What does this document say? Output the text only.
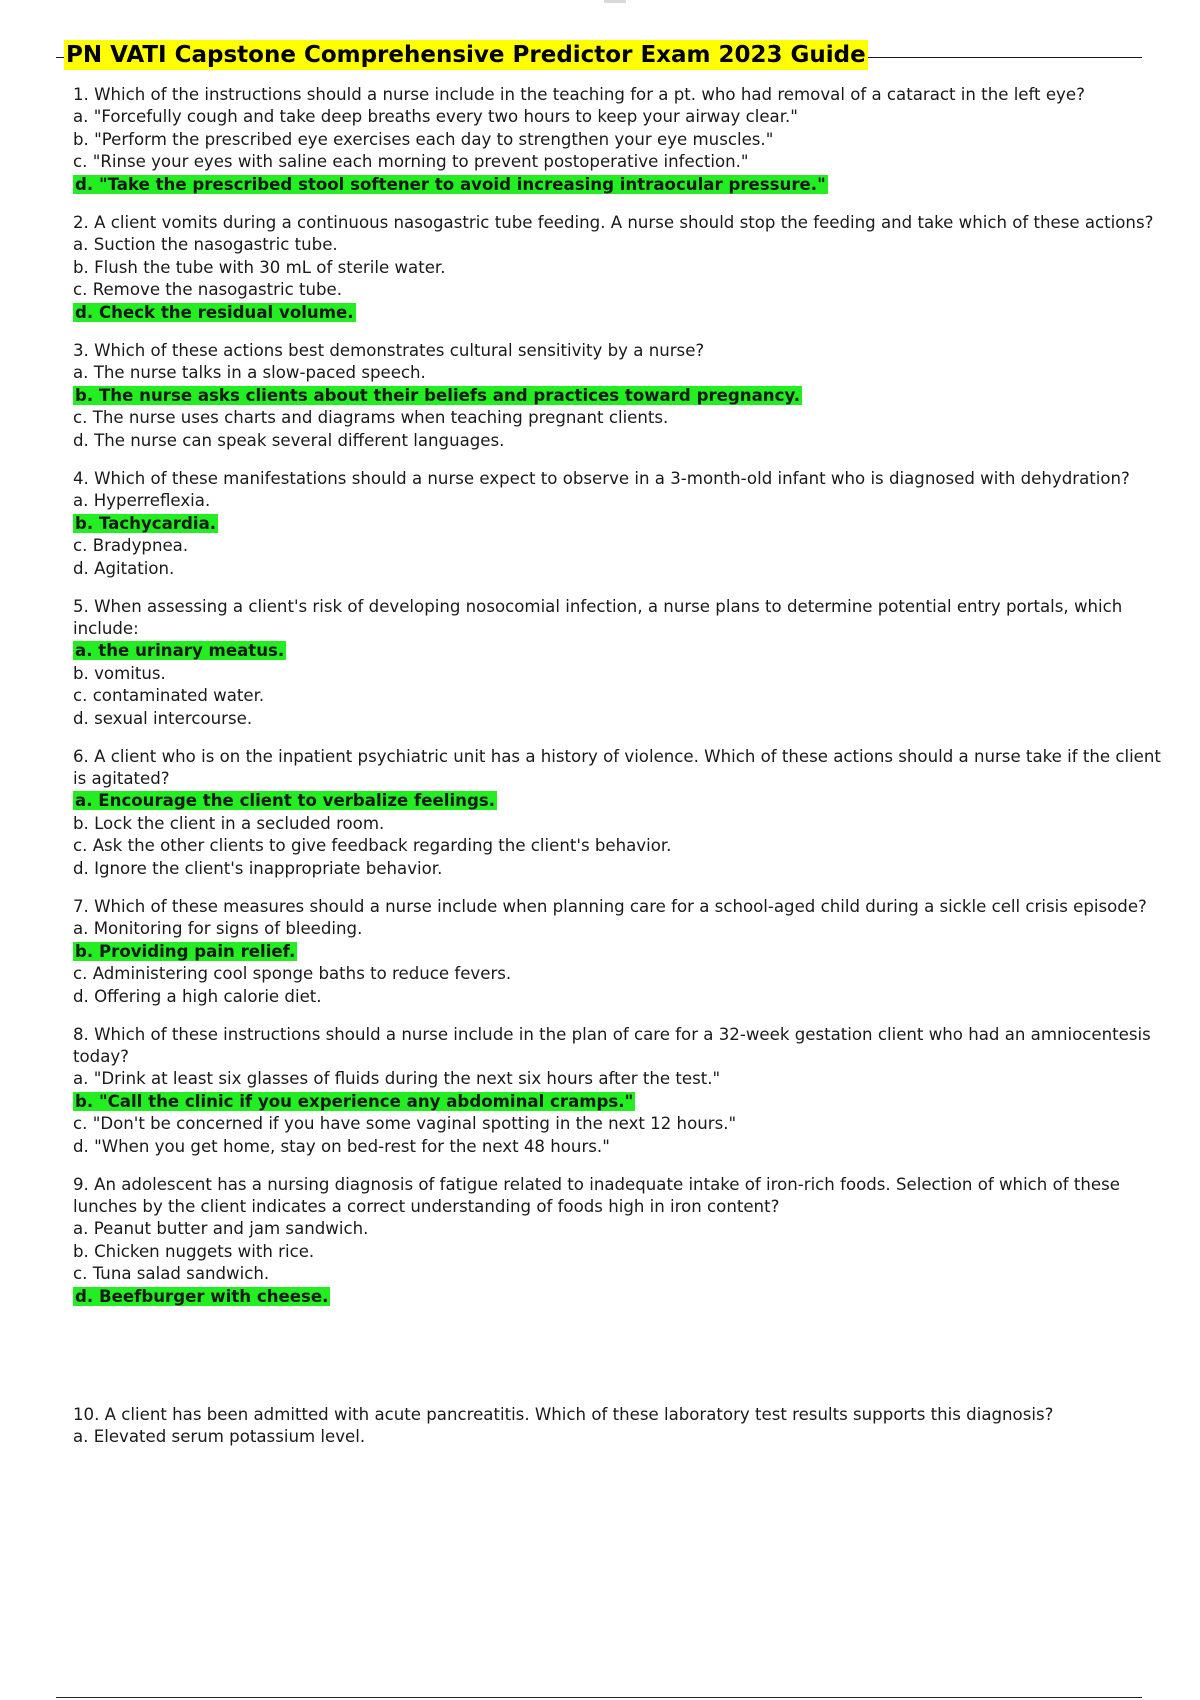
PN VATI Capstone Comprehensive Predictor Exam 2023 Guide
1. Which of the instructions should a nurse include in the teaching for a pt. who had removal of a cataract in the left eye?
a. "Forcefully cough and take deep breaths every two hours to keep your airway clear."
b. "Perform the prescribed eye exercises each day to strengthen your eye muscles."
c. "Rinse your eyes with saline each morning to prevent postoperative infection."
d. "Take the prescribed stool softener to avoid increasing intraocular pressure."
2. A client vomits during a continuous nasogastric tube feeding. A nurse should stop the feeding and take which of these actions?
a. Suction the nasogastric tube.
b. Flush the tube with 30 mL of sterile water.
c. Remove the nasogastric tube.
d. Check the residual volume.
3. Which of these actions best demonstrates cultural sensitivity by a nurse?
a. The nurse talks in a slow-paced speech.
b. The nurse asks clients about their beliefs and practices toward pregnancy.
c. The nurse uses charts and diagrams when teaching pregnant clients.
d. The nurse can speak several different languages.
4. Which of these manifestations should a nurse expect to observe in a 3-month-old infant who is diagnosed with dehydration?
a. Hyperreflexia.
b. Tachycardia.
c. Bradypnea.
d. Agitation.
5. When assessing a client's risk of developing nosocomial infection, a nurse plans to determine potential entry portals, which include:
a. the urinary meatus.
b. vomitus.
c. contaminated water.
d. sexual intercourse.
6. A client who is on the inpatient psychiatric unit has a history of violence. Which of these actions should a nurse take if the client is agitated?
a. Encourage the client to verbalize feelings.
b. Lock the client in a secluded room.
c. Ask the other clients to give feedback regarding the client's behavior.
d. Ignore the client's inappropriate behavior.
7. Which of these measures should a nurse include when planning care for a school-aged child during a sickle cell crisis episode?
a. Monitoring for signs of bleeding.
b. Providing pain relief.
c. Administering cool sponge baths to reduce fevers.
d. Offering a high calorie diet.
8. Which of these instructions should a nurse include in the plan of care for a 32-week gestation client who had an amniocentesis today?
a. "Drink at least six glasses of fluids during the next six hours after the test."
b. "Call the clinic if you experience any abdominal cramps."
c. "Don't be concerned if you have some vaginal spotting in the next 12 hours."
d. "When you get home, stay on bed-rest for the next 48 hours."
9. An adolescent has a nursing diagnosis of fatigue related to inadequate intake of iron-rich foods. Selection of which of these lunches by the client indicates a correct understanding of foods high in iron content?
a. Peanut butter and jam sandwich.
b. Chicken nuggets with rice.
c. Tuna salad sandwich.
d. Beefburger with cheese.
10. A client has been admitted with acute pancreatitis. Which of these laboratory test results supports this diagnosis?
a. Elevated serum potassium level.
